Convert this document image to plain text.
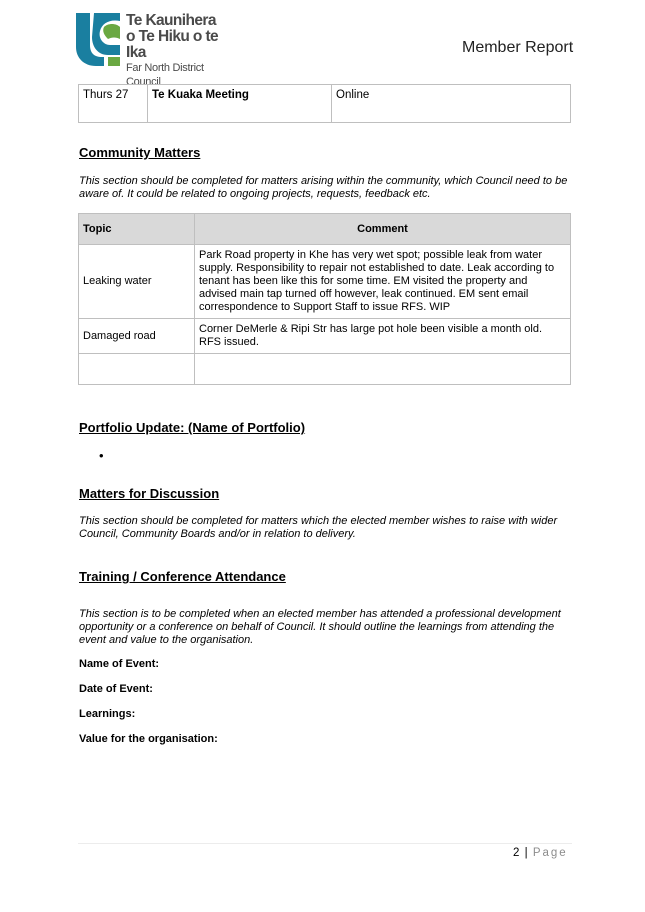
Te Kaunihera
o Te Hiku o te Ika
Far North District Council
Member Report
Thurs 27	Te Kuaka Meeting	Online
Community Matters
This section should be completed for matters arising within the community, which Council need to be aware of. It could be related to ongoing projects, requests, feedback etc.
Topic	Comment
Leaking water	Park Road property in Khe has very wet spot; possible leak from water supply. Responsibility to repair not established to date. Leak according to tenant has been like this for some time. EM visited the property and advised main tap turned off however, leak continued. EM sent email correspondence to Support Staff to issue RFS. WIP
Damaged road	Corner DeMerle & Ripi Str has large pot hole been visible a month old. RFS issued.

Portfolio Update: (Name of Portfolio)
•
Matters for Discussion
This section should be completed for matters which the elected member wishes to raise with wider Council, Community Boards and/or in relation to delivery.
Training / Conference Attendance
This section is to be completed when an elected member has attended a professional development opportunity or a conference on behalf of Council. It should outline the learnings from attending the event and value to the organisation.
Name of Event:
Date of Event:
Learnings:
Value for the organisation:
2 | Page
